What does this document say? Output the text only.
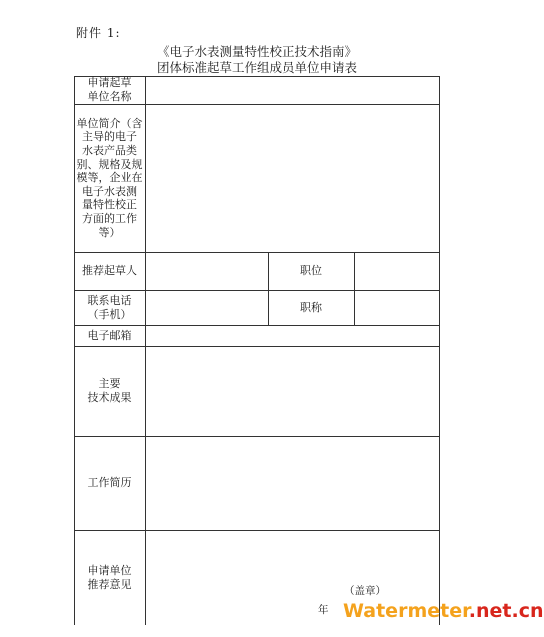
附件 1:
《电子水表测量特性校正技术指南》
团体标准起草工作组成员单位申请表
申请起草
单位名称
单位简介（含
主导的电子
水表产品类
别、规格及规
模等，企业在
电子水表测
量特性校正
方面的工作
等）
推荐起草人	职位
联系电话
（手机）
职称
电子邮箱
主要
技术成果
工作简历
申请单位
推荐意见
（盖章）
年 Watermeter.net.cn
